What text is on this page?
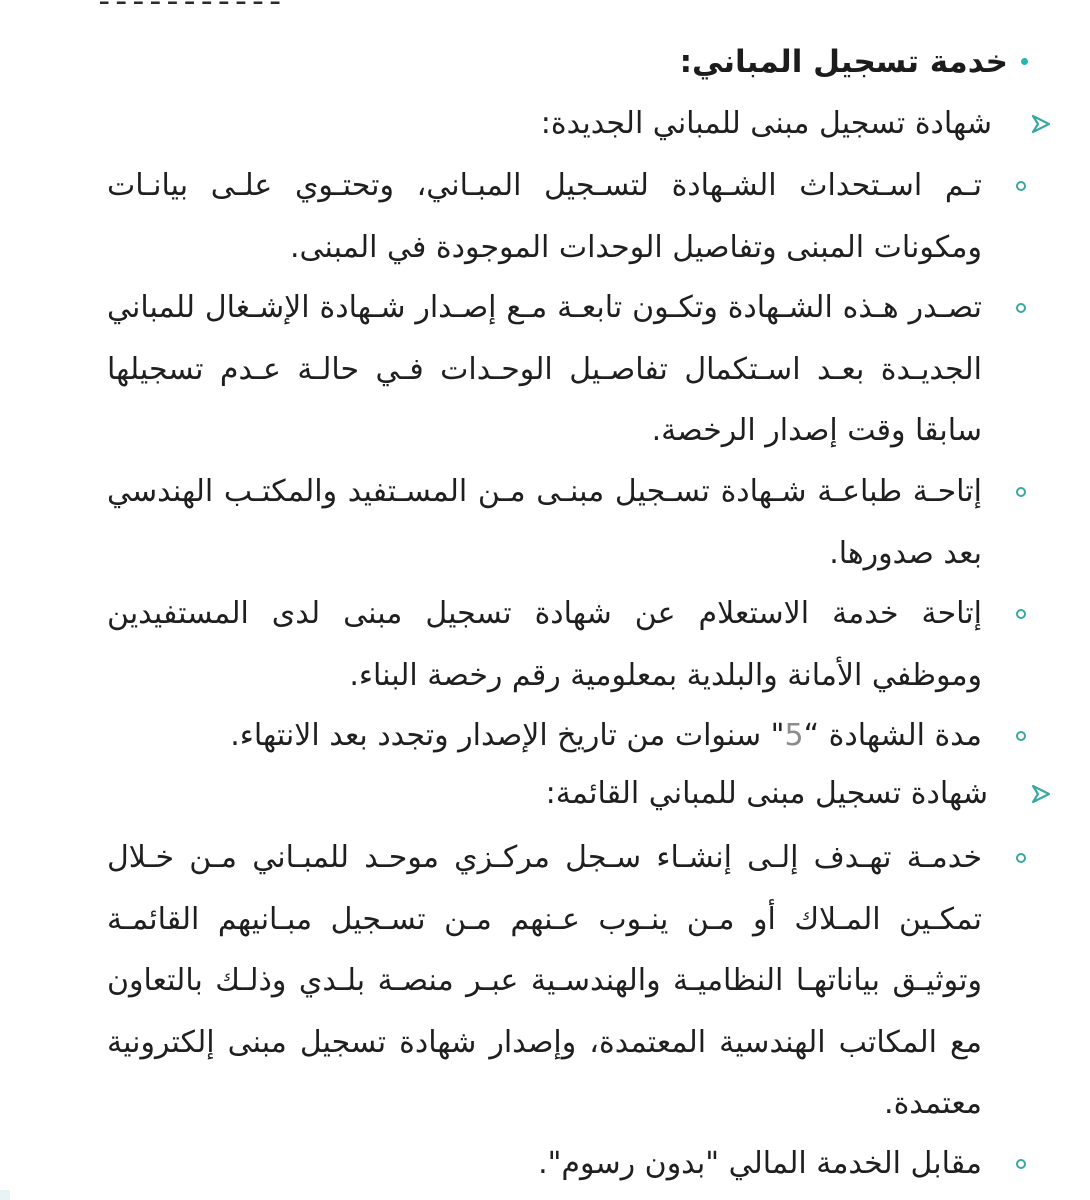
خدمة تسجيل المباني:
شهادة تسجيل مبنى للمباني الجديدة:
تـم اسـتحداث الشـهادة لتسـجيل المبـاني، وتحتـوي علـى بيانـات ومكونات المبنى وتفاصيل الوحدات الموجودة في المبنى.
تصـدر هـذه الشـهادة وتكـون تابعـة مـع إصـدار شـهادة الإشـغال للمباني الجديـدة بعـد اسـتكمال تفاصـيل الوحـدات فـي حالـة عـدم تسجيلها سابقا وقت إصدار الرخصة.
إتاحـة طباعـة شـهادة تسـجيل مبنـى مـن المسـتفيد والمكتـب الهندسي بعد صدورها.
إتاحة خدمة الاستعلام عن شهادة تسجيل مبنى لدى المستفيدين وموظفي الأمانة والبلدية بمعلومية رقم رخصة البناء.
مدة الشهادة “5" سنوات من تاريخ الإصدار وتجدد بعد الانتهاء.
شهادة تسجيل مبنى للمباني القائمة:
خدمـة تهـدف إلـى إنشـاء سـجل مركـزي موحـد للمبـاني مـن خـلال تمكـين المـلاك أو مـن ينـوب عـنهم مـن تسـجيل مبـانيهم القائمـة وتوثيـق بياناتهـا النظاميـة والهندسـية عبـر منصـة بلـدي وذلـك بالتعاون مع المكاتب الهندسية المعتمدة، وإصدار شهادة تسجيل مبنى إلكترونية معتمدة.
مقابل الخدمة المالي "بدون رسوم".
